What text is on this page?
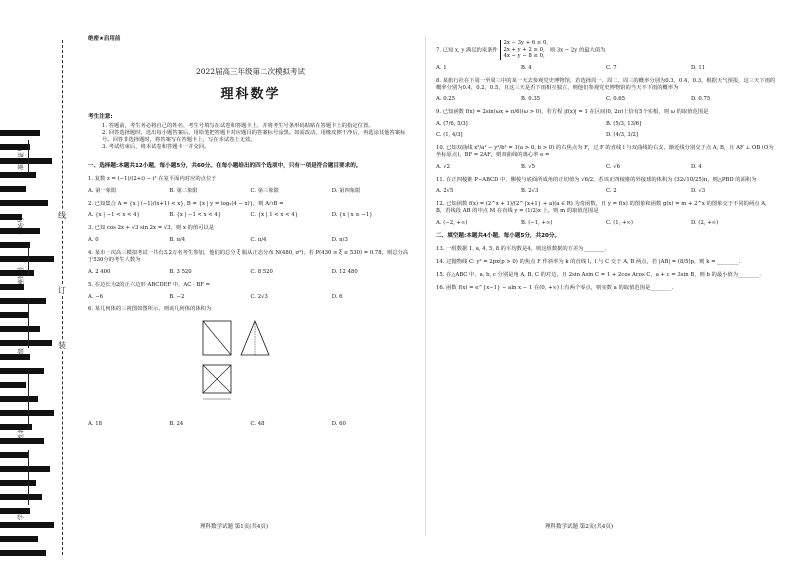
准考证号
考场号
座位号
班级
姓名
学校
线
订
装
绝密★启用前
2022届高三年级第二次模拟考试
理科数学
考生注意:
1. 答题前，考生务必将自己的姓名、考生号填写在试卷和答题卡上，并将考生号条形码粘贴在答题卡上的指定位置。
2. 回答选择题时，选出每小题答案后，用铅笔把答题卡对应题目的答案标号涂黑。如需改动，用橡皮擦干净后，再选涂其他答案标号。回答非选择题时，将答案写在答题卡上，写在本试卷上无效。
3. 考试结束后，将本试卷和答题卡一并交回。
一、选择题:本题共12小题，每小题5分，共60分。在每小题给出的四个选项中，只有一项是符合题目要求的。
1. 复数 z = (−1)/(2+i) − i² 在复平面内对应的点位于
A. 第一象限	B. 第二象限	C. 第三象限	D. 第四象限
2. 已知集合 A = {x | (−1)/(x+1) < x}, B = {x | y = log₂(4 − x)}，则 A∩B =
A. {x | −1 < x < 4}	B. {x | −1 < x < 4}	C. {x | 1 < x < 4}	D. {x | x ≥ −1}
3. 已知 cos 2x + √3 sin 2x = √3，则 x 的值可以是
A. 0	B. π/4	C. π/4	D. π/3
4. 某市一次高三模拟考试一共有3.2万名考生参加，他们的总分 ξ 服从正态分布 N(480, σ²)，若 P(430 ≤ ξ ≤ 530) = 0.78，则总分高于530分的考生人数为
A. 2 400	B. 3 520	C. 8 520	D. 12 480
5. 在边长为2的正六边形 ABCDEF 中，AC · BF =
A. −6	B. −2	C. 2√3	D. 6
6. 某几何体的三视图如图所示，则该几何体的体积为
A. 18	B. 24	C. 48	D. 60
理科数学试题 第1页(共4页)
7. 已知 x, y 满足约束条件
2x − 3y + 6 ≥ 0,
2x + y + 2 ≥ 0,
4x − y − 8 ≤ 0,
则 3x − 2y 的最大值为
A. 1	B. 4	C. 7	D. 11
8. 某旅行社在下周一至周三中的某一天去参观党史博物馆，若选择周一、周二、周三的概率分别为0.3，0.4，0.3，根据天气预报，这三天下雨的概率分别为0.4，0.2，0.5，且这三天是否下雨相互独立，则他们参观党史博物馆的当天不下雨的概率为
A. 0.25	B. 0.35	C. 0.65	D. 0.75
9. 已知函数 f(x) = 2sin(ωx + π/6)(ω > 0)，若方程 |f(x)| = 1 在区间(0, 2π)上恰有5个实根，则 ω 的取值范围是
A. (7/6, 5/3]	B. (5/3, 13/6]
C. (1, 4/3]	D. (4/3, 3/2]
10. 已知双曲线 x²/a² − y²/b² = 1(a > 0, b > 0) 的右焦点为 F，过 F 的直线 l 与双曲线的右支、渐近线分别交于点 A, B，且 AF ⊥ OB (O为坐标原点)，BF = 2AF，则双曲线的离心率 e =
A. √2	B. √5	C. √6	D. 4
11. 在正四棱锥 P−ABCD 中，侧棱与底面所成角的正切值为 √6/2，若该正四棱锥的外接球的体积为 (32√10/25)π，则△PBD 的面积为
A. 2√5	B. 2√3	C. 2	D. √3
12. 已知函数 f(x) = (2^x + 1)/(2^{x+1} + a)(a ∈ R) 为奇函数，且 y = f(x) 的图象和函数 g(x) = m + 2^x 的图象交于不同的两点 A, B，若线段 AB 的中点 M 在直线 y = (1/2)x 上，则 m 的取值范围是
A. (−2, +∞)	B. (−1, +∞)	C. (1, +∞)	D. (2, +∞)
二、填空题:本题共4小题，每小题5分，共20分。
13. 一组数据 1, a, 4, 5, 8 的平均数是4，则这组数据的方差为________.
14. 过抛物线 C: y² = 2px(p > 0) 的焦点 F 作斜率为 k 的直线 l，l 与 C 交于 A, B 两点，若 |AB| = (8/5)p，则 k = ________.
15. 在△ABC 中，a, b, c 分别是角 A, B, C 的对边，且 2sin Asin C = 1 + 2cos Acos C，a + c = 3sin B，则 b 的最小值为________.
16. 函数 f(x) = e^{x−1} − aln x − 1 在(0, +∞)上有两个零点，则实数 a 的取值范围是________.
理科数学试题 第2页(共4页)
